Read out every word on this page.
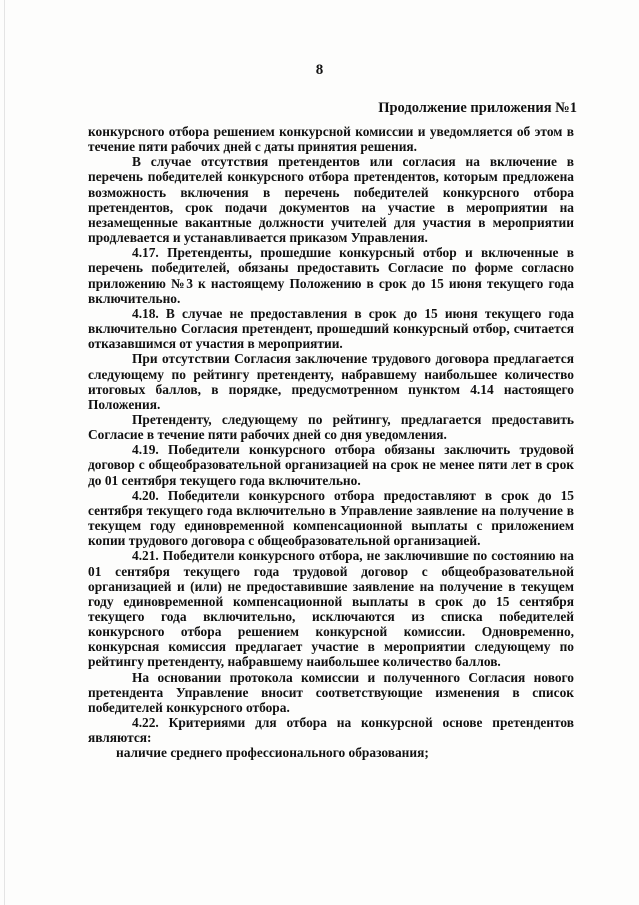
8
Продолжение приложения №1

конкурсного отбора решением конкурсной комиссии и уведомляется об этом в течение пяти рабочих дней с даты принятия решения.

В случае отсутствия претендентов или согласия на включение в перечень победителей конкурсного отбора претендентов, которым предложена возможность включения в перечень победителей конкурсного отбора претендентов, срок подачи документов на участие в мероприятии на незамещенные вакантные должности учителей для участия в мероприятии продлевается и устанавливается приказом Управления.

4.17. Претенденты, прошедшие конкурсный отбор и включенные в перечень победителей, обязаны предоставить Согласие по форме согласно приложению №3 к настоящему Положению в срок до 15 июня текущего года включительно.

4.18. В случае не предоставления в срок до 15 июня текущего года включительно Согласия претендент, прошедший конкурсный отбор, считается отказавшимся от участия в мероприятии.

При отсутствии Согласия заключение трудового договора предлагается следующему по рейтингу претенденту, набравшему наибольшее количество итоговых баллов, в порядке, предусмотренном пунктом 4.14 настоящего Положения.

Претенденту, следующему по рейтингу, предлагается предоставить Согласие в течение пяти рабочих дней со дня уведомления.

4.19. Победители конкурсного отбора обязаны заключить трудовой договор с общеобразовательной организацией на срок не менее пяти лет в срок до 01 сентября текущего года включительно.

4.20. Победители конкурсного отбора предоставляют в срок до 15 сентября текущего года включительно в Управление заявление на получение в текущем году единовременной компенсационной выплаты с приложением копии трудового договора с общеобразовательной организацией.

4.21. Победители конкурсного отбора, не заключившие по состоянию на 01 сентября текущего года трудовой договор с общеобразовательной организацией и (или) не предоставившие заявление на получение в текущем году единовременной компенсационной выплаты в срок до 15 сентября текущего года включительно, исключаются из списка победителей конкурсного отбора решением конкурсной комиссии. Одновременно, конкурсная комиссия предлагает участие в мероприятии следующему по рейтингу претенденту, набравшему наибольшее количество баллов.

На основании протокола комиссии и полученного Согласия нового претендента Управление вносит соответствующие изменения в список победителей конкурсного отбора.

4.22. Критериями для отбора на конкурсной основе претендентов являются:

наличие среднего профессионального образования;
